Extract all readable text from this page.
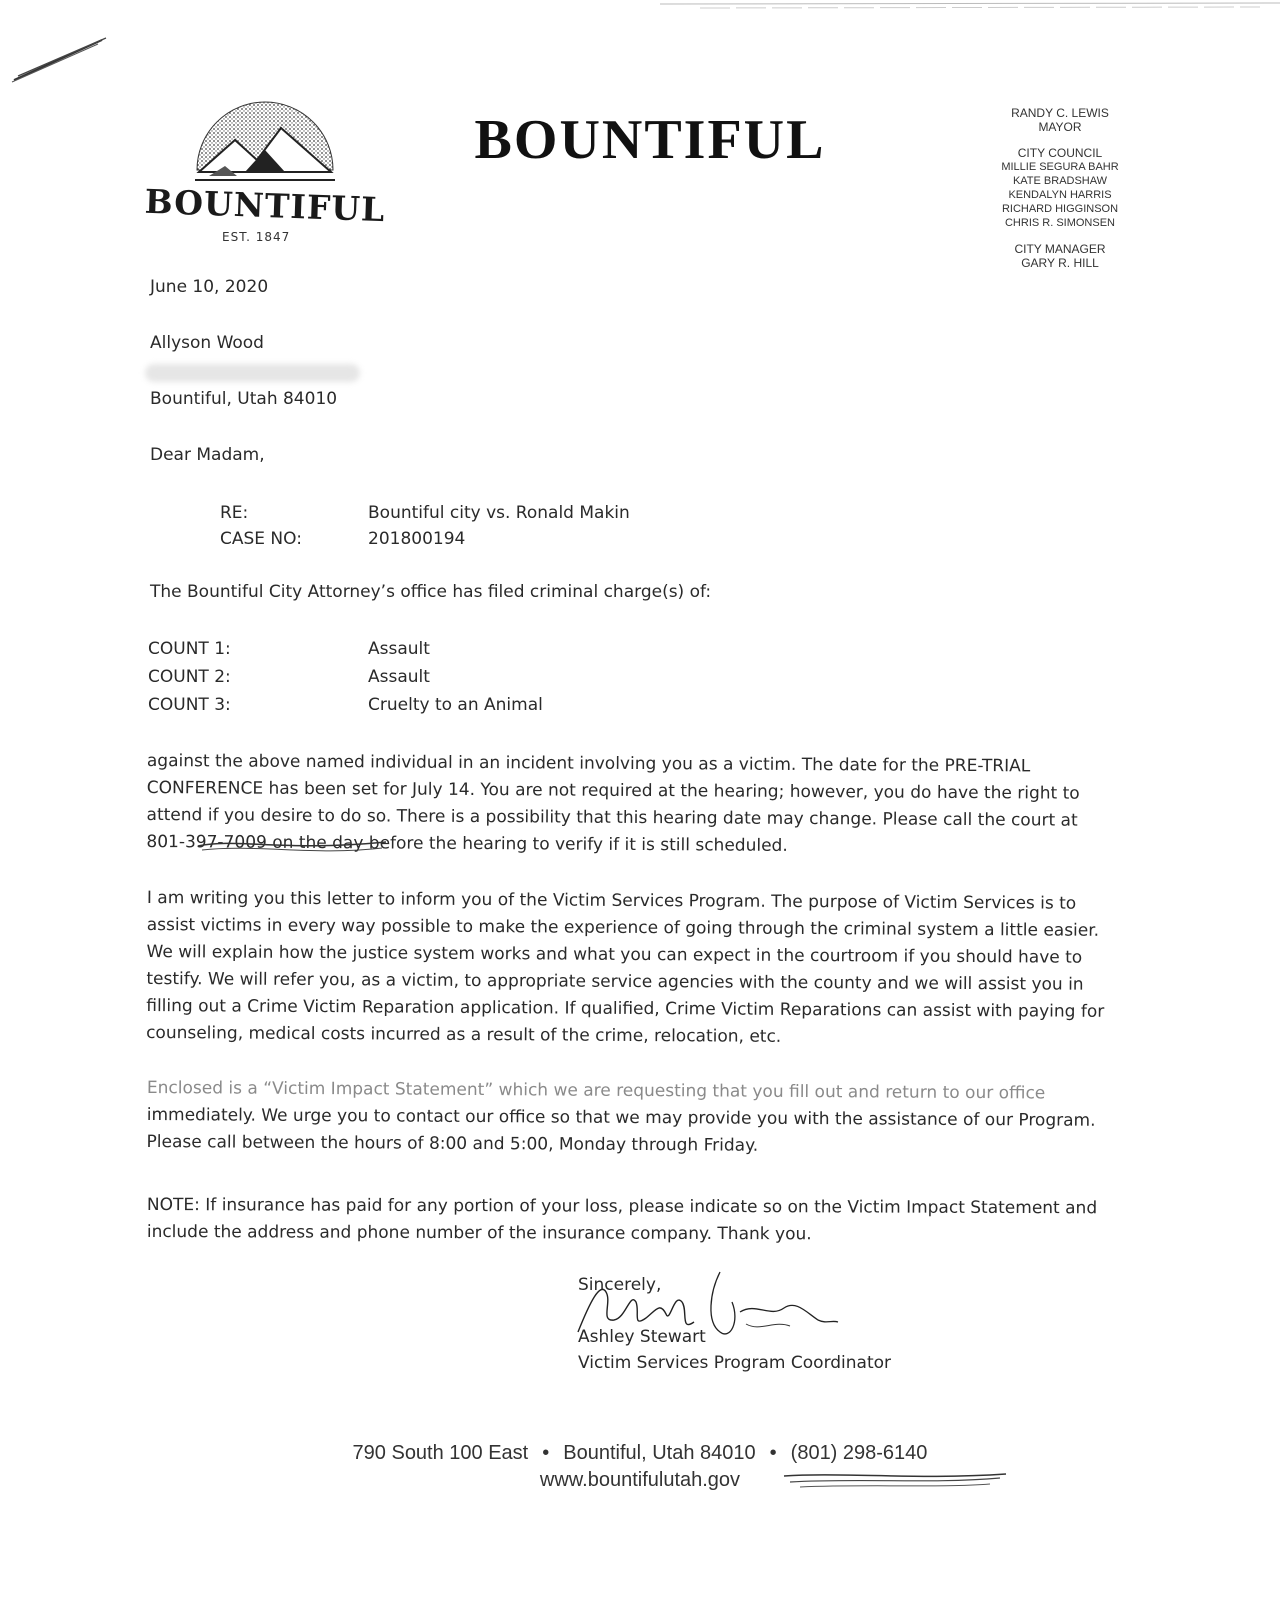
BOUNTIFUL
EST. 1847
BOUNTIFUL	RANDY C. LEWIS
MAYOR
CITY COUNCIL
MILLIE SEGURA BAHR
KATE BRADSHAW
KENDALYN HARRIS
RICHARD HIGGINSON
CHRIS R. SIMONSEN
CITY MANAGER
GARY R. HILL
June 10, 2020
Allyson Wood
Bountiful, Utah 84010
Dear Madam,
RE:	Bountiful city vs. Ronald Makin
CASE NO:	201800194
The Bountiful City Attorney’s office has filed criminal charge(s) of:
COUNT 1:	Assault
COUNT 2:	Assault
COUNT 3:	Cruelty to an Animal
against the above named individual in an incident involving you as a victim. The date for the PRE-TRIAL CONFERENCE has been set for July 14. You are not required at the hearing; however, you do have the right to attend if you desire to do so. There is a possibility that this hearing date may change. Please call the court at 801-397-7009 on the day before the hearing to verify if it is still scheduled.
I am writing you this letter to inform you of the Victim Services Program. The purpose of Victim Services is to assist victims in every way possible to make the experience of going through the criminal system a little easier. We will explain how the justice system works and what you can expect in the courtroom if you should have to testify. We will refer you, as a victim, to appropriate service agencies with the county and we will assist you in filling out a Crime Victim Reparation application. If qualified, Crime Victim Reparations can assist with paying for counseling, medical costs incurred as a result of the crime, relocation, etc.
Enclosed is a “Victim Impact Statement” which we are requesting that you fill out and return to our office immediately. We urge you to contact our office so that we may provide you with the assistance of our Program. Please call between the hours of 8:00 and 5:00, Monday through Friday.
NOTE: If insurance has paid for any portion of your loss, please indicate so on the Victim Impact Statement and include the address and phone number of the insurance company. Thank you.
Sincerely,
Ashley Stewart
Victim Services Program Coordinator
790 South 100 East • Bountiful, Utah 84010 • (801) 298-6140
www.bountifulutah.gov
